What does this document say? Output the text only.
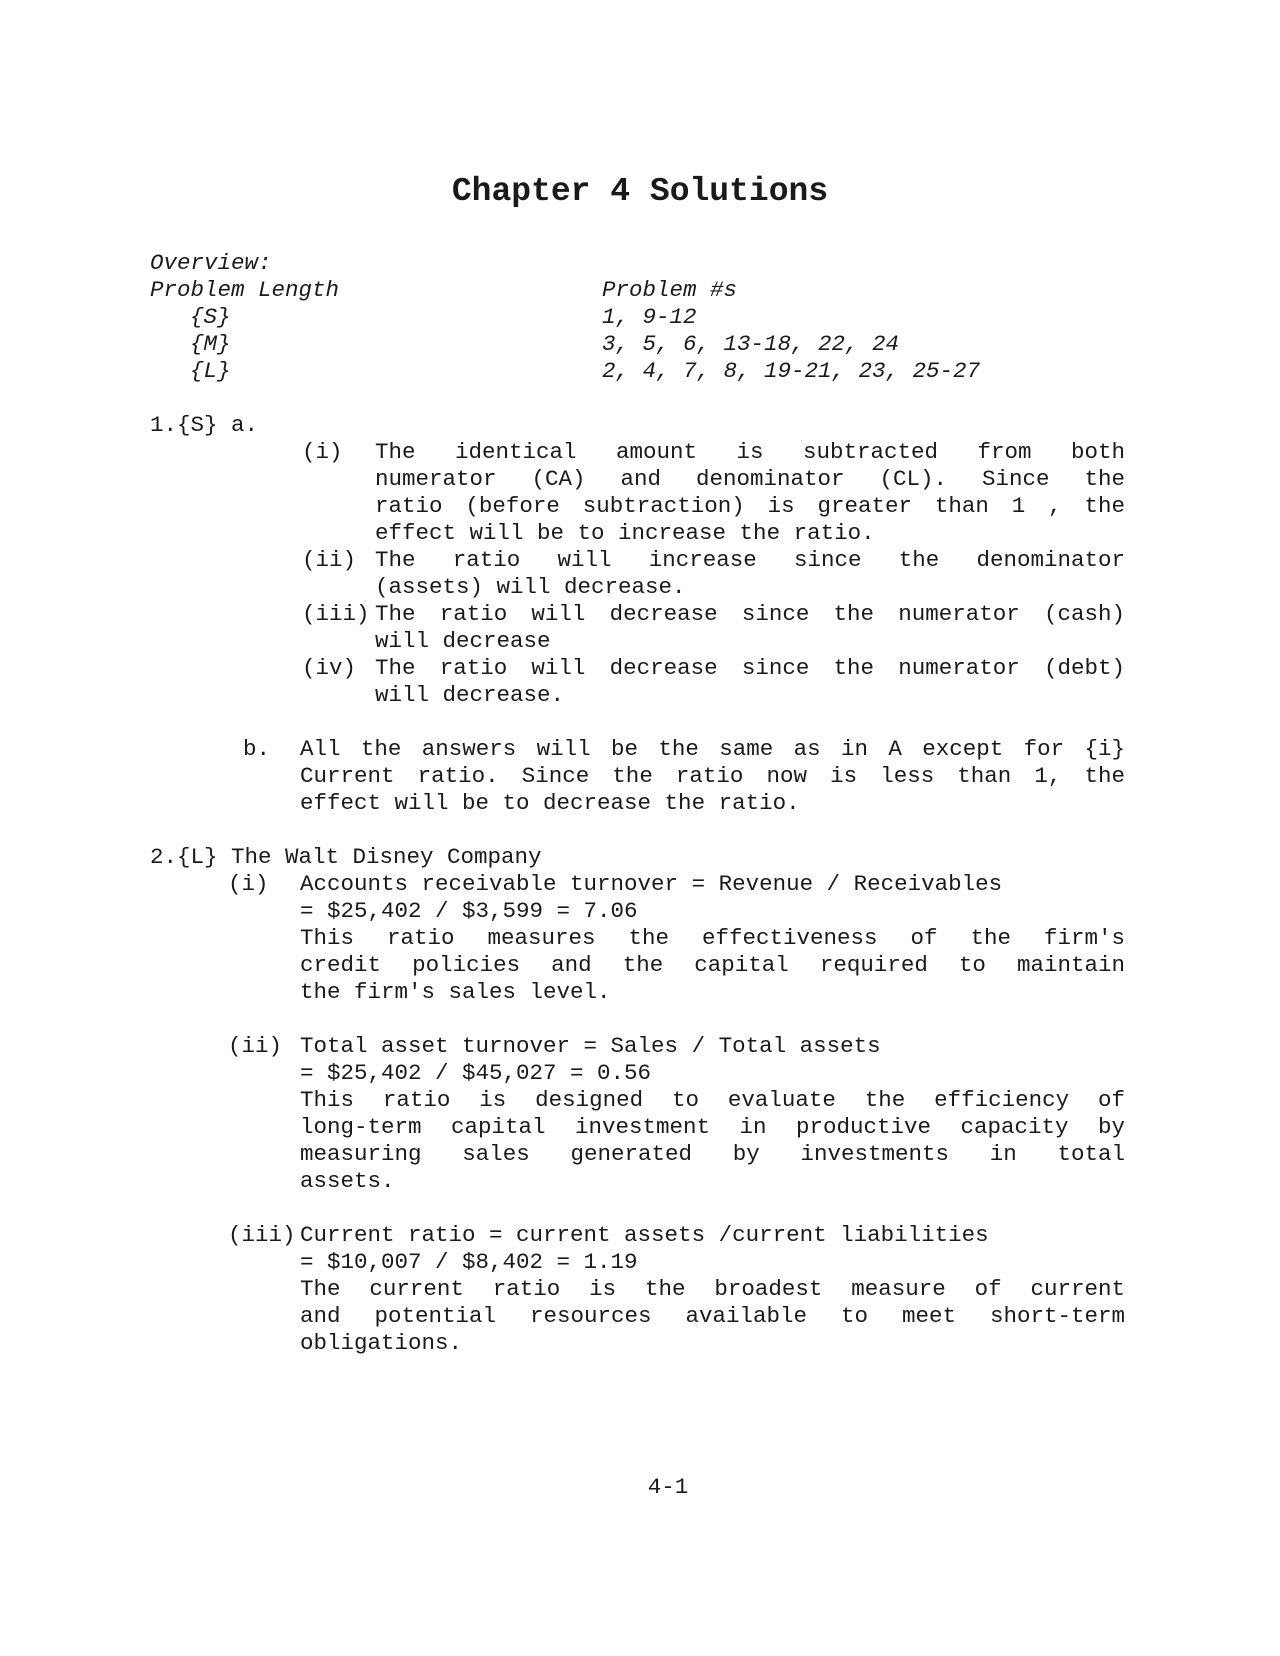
Chapter 4 Solutions
Overview:
Problem Length	Problem #s
{S}	1, 9-12
{M}	3, 5, 6, 13-18, 22, 24
{L}	2, 4, 7, 8, 19-21, 23, 25-27
1.{S} a.
(i) The identical amount is subtracted from both
numerator (CA) and denominator (CL). Since the
ratio (before subtraction) is greater than 1 , the
effect will be to increase the ratio.
(ii) The ratio will increase since the denominator
(assets) will decrease.
(iii) The ratio will decrease since the numerator (cash)
will decrease
(iv) The ratio will decrease since the numerator (debt)
will decrease.
b. All the answers will be the same as in A except for {i}
Current ratio. Since the ratio now is less than 1, the
effect will be to decrease the ratio.
2.{L} The Walt Disney Company
(i) Accounts receivable turnover = Revenue / Receivables
= $25,402 / $3,599 = 7.06
This ratio measures the effectiveness of the firm's
credit policies and the capital required to maintain
the firm's sales level.
(ii) Total asset turnover = Sales / Total assets
= $25,402 / $45,027 = 0.56
This ratio is designed to evaluate the efficiency of
long-term capital investment in productive capacity by
measuring sales generated by investments in total
assets.
(iii) Current ratio = current assets /current liabilities
= $10,007 / $8,402 = 1.19
The current ratio is the broadest measure of current
and potential resources available to meet short-term
obligations.
4-1
